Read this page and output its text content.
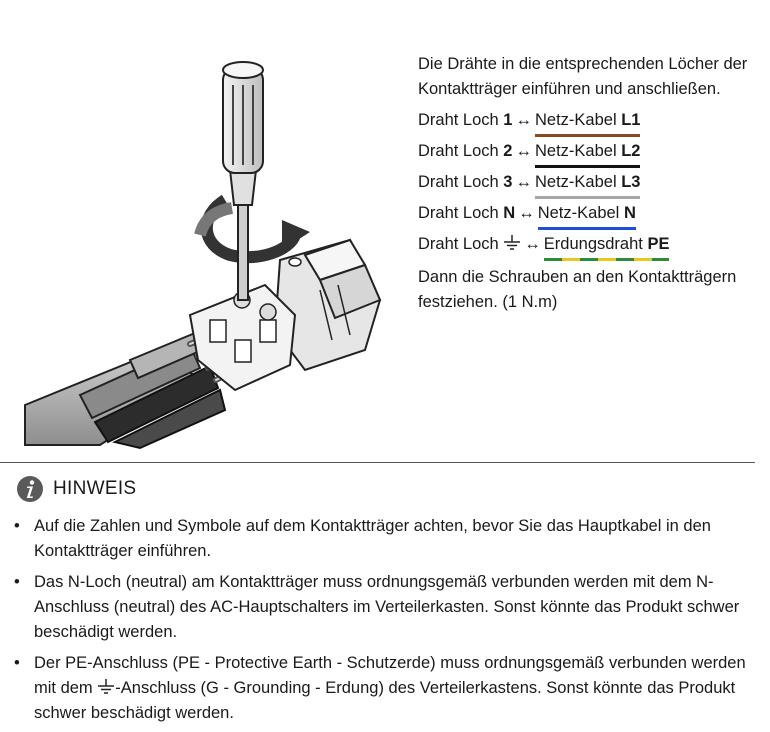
Die Drähte in die entsprechenden Löcher der Kontaktträger einführen und anschließen.

Draht Loch 1 ↔ Netz-Kabel L1
Draht Loch 2 ↔ Netz-Kabel L2
Draht Loch 3 ↔ Netz-Kabel L3
Draht Loch N ↔ Netz-Kabel N
Draht Loch ↔ Erdungsdraht PE
Dann die Schrauben an den Kontaktträgern festziehen. (1 N.m)
HINWEIS
• Auf die Zahlen und Symbole auf dem Kontaktträger achten, bevor Sie das Hauptkabel in den Kontaktträger einführen.
• Das N-Loch (neutral) am Kontaktträger muss ordnungsgemäß verbunden werden mit dem N-Anschluss (neutral) des AC-Hauptschalters im Verteilerkasten. Sonst könnte das Produkt schwer beschädigt werden.
• Der PE-Anschluss (PE - Protective Earth - Schutzerde) muss ordnungsgemäß verbunden werden mit dem -Anschluss (G - Grounding - Erdung) des Verteilerkastens. Sonst könnte das Produkt schwer beschädigt werden.
